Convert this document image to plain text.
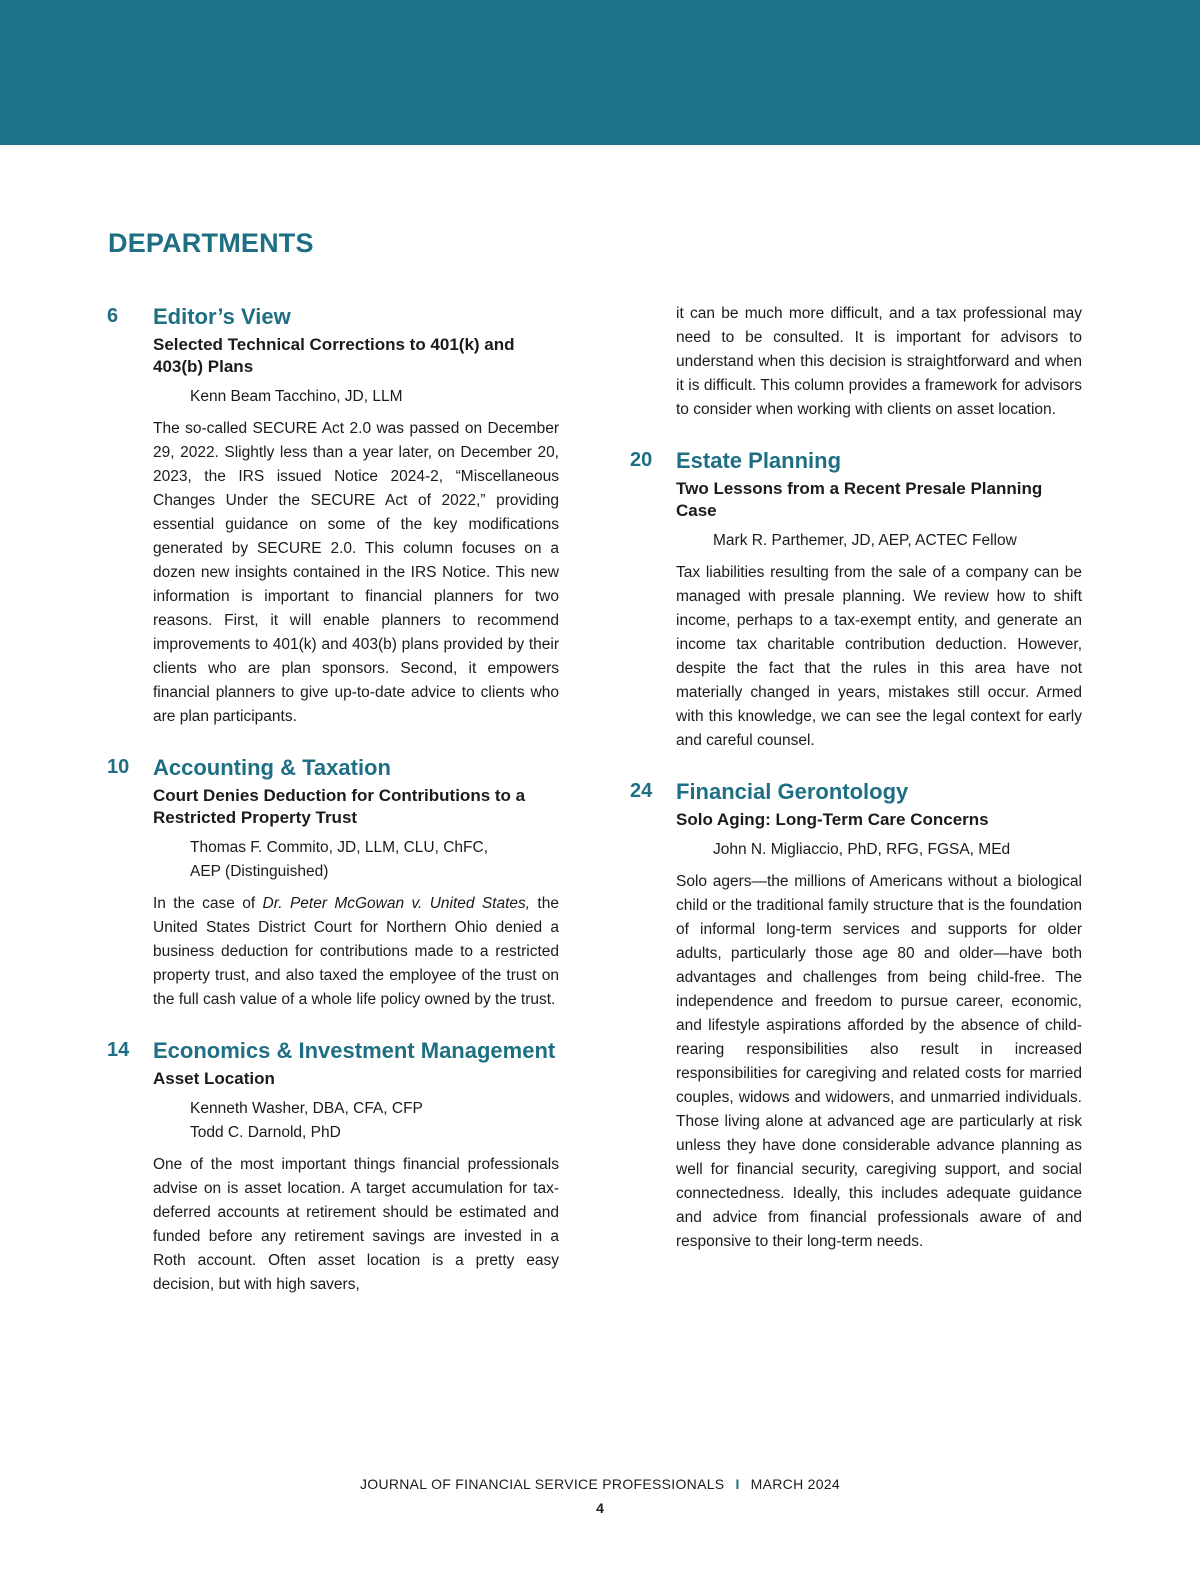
DEPARTMENTS
6 Editor’s View
Selected Technical Corrections to 401(k) and 403(b) Plans
Kenn Beam Tacchino, JD, LLM

The so-called SECURE Act 2.0 was passed on December 29, 2022. Slightly less than a year later, on December 20, 2023, the IRS issued Notice 2024-2, “Miscellaneous Changes Under the SECURE Act of 2022,” providing essential guidance on some of the key modifications generated by SECURE 2.0. This column focuses on a dozen new insights contained in the IRS Notice. This new information is important to financial planners for two reasons. First, it will enable planners to recommend improvements to 401(k) and 403(b) plans provided by their clients who are plan sponsors. Second, it empowers financial planners to give up-to-date advice to clients who are plan participants.

10 Accounting & Taxation
Court Denies Deduction for Contributions to a Restricted Property Trust
Thomas F. Commito, JD, LLM, CLU, ChFC,
AEP (Distinguished)

In the case of Dr. Peter McGowan v. United States, the United States District Court for Northern Ohio denied a business deduction for contributions made to a restricted property trust, and also taxed the employee of the trust on the full cash value of a whole life policy owned by the trust.

14 Economics & Investment Management
Asset Location
Kenneth Washer, DBA, CFA, CFP
Todd C. Darnold, PhD

One of the most important things financial professionals advise on is asset location. A target accumulation for tax-deferred accounts at retirement should be estimated and funded before any retirement savings are invested in a Roth account. Often asset location is a pretty easy decision, but with high savers,

it can be much more difficult, and a tax professional may need to be consulted. It is important for advisors to understand when this decision is straightforward and when it is difficult. This column provides a framework for advisors to consider when working with clients on asset location.

20 Estate Planning
Two Lessons from a Recent Presale Planning Case
Mark R. Parthemer, JD, AEP, ACTEC Fellow

Tax liabilities resulting from the sale of a company can be managed with presale planning. We review how to shift income, perhaps to a tax-exempt entity, and generate an income tax charitable contribution deduction. However, despite the fact that the rules in this area have not materially changed in years, mistakes still occur. Armed with this knowledge, we can see the legal context for early and careful counsel.

24 Financial Gerontology
Solo Aging: Long-Term Care Concerns
John N. Migliaccio, PhD, RFG, FGSA, MEd

Solo agers—the millions of Americans without a biological child or the traditional family structure that is the foundation of informal long-term services and supports for older adults, particularly those age 80 and older—have both advantages and challenges from being child-free. The independence and freedom to pursue career, economic, and lifestyle aspirations afforded by the absence of child-rearing responsibilities also result in increased responsibilities for caregiving and related costs for married couples, widows and widowers, and unmarried individuals. Those living alone at advanced age are particularly at risk unless they have done considerable advance planning as well for financial security, caregiving support, and social connectedness. Ideally, this includes adequate guidance and advice from financial professionals aware of and responsive to their long-term needs.

JOURNAL OF FINANCIAL SERVICE PROFESSIONALS I MARCH 2024
4
